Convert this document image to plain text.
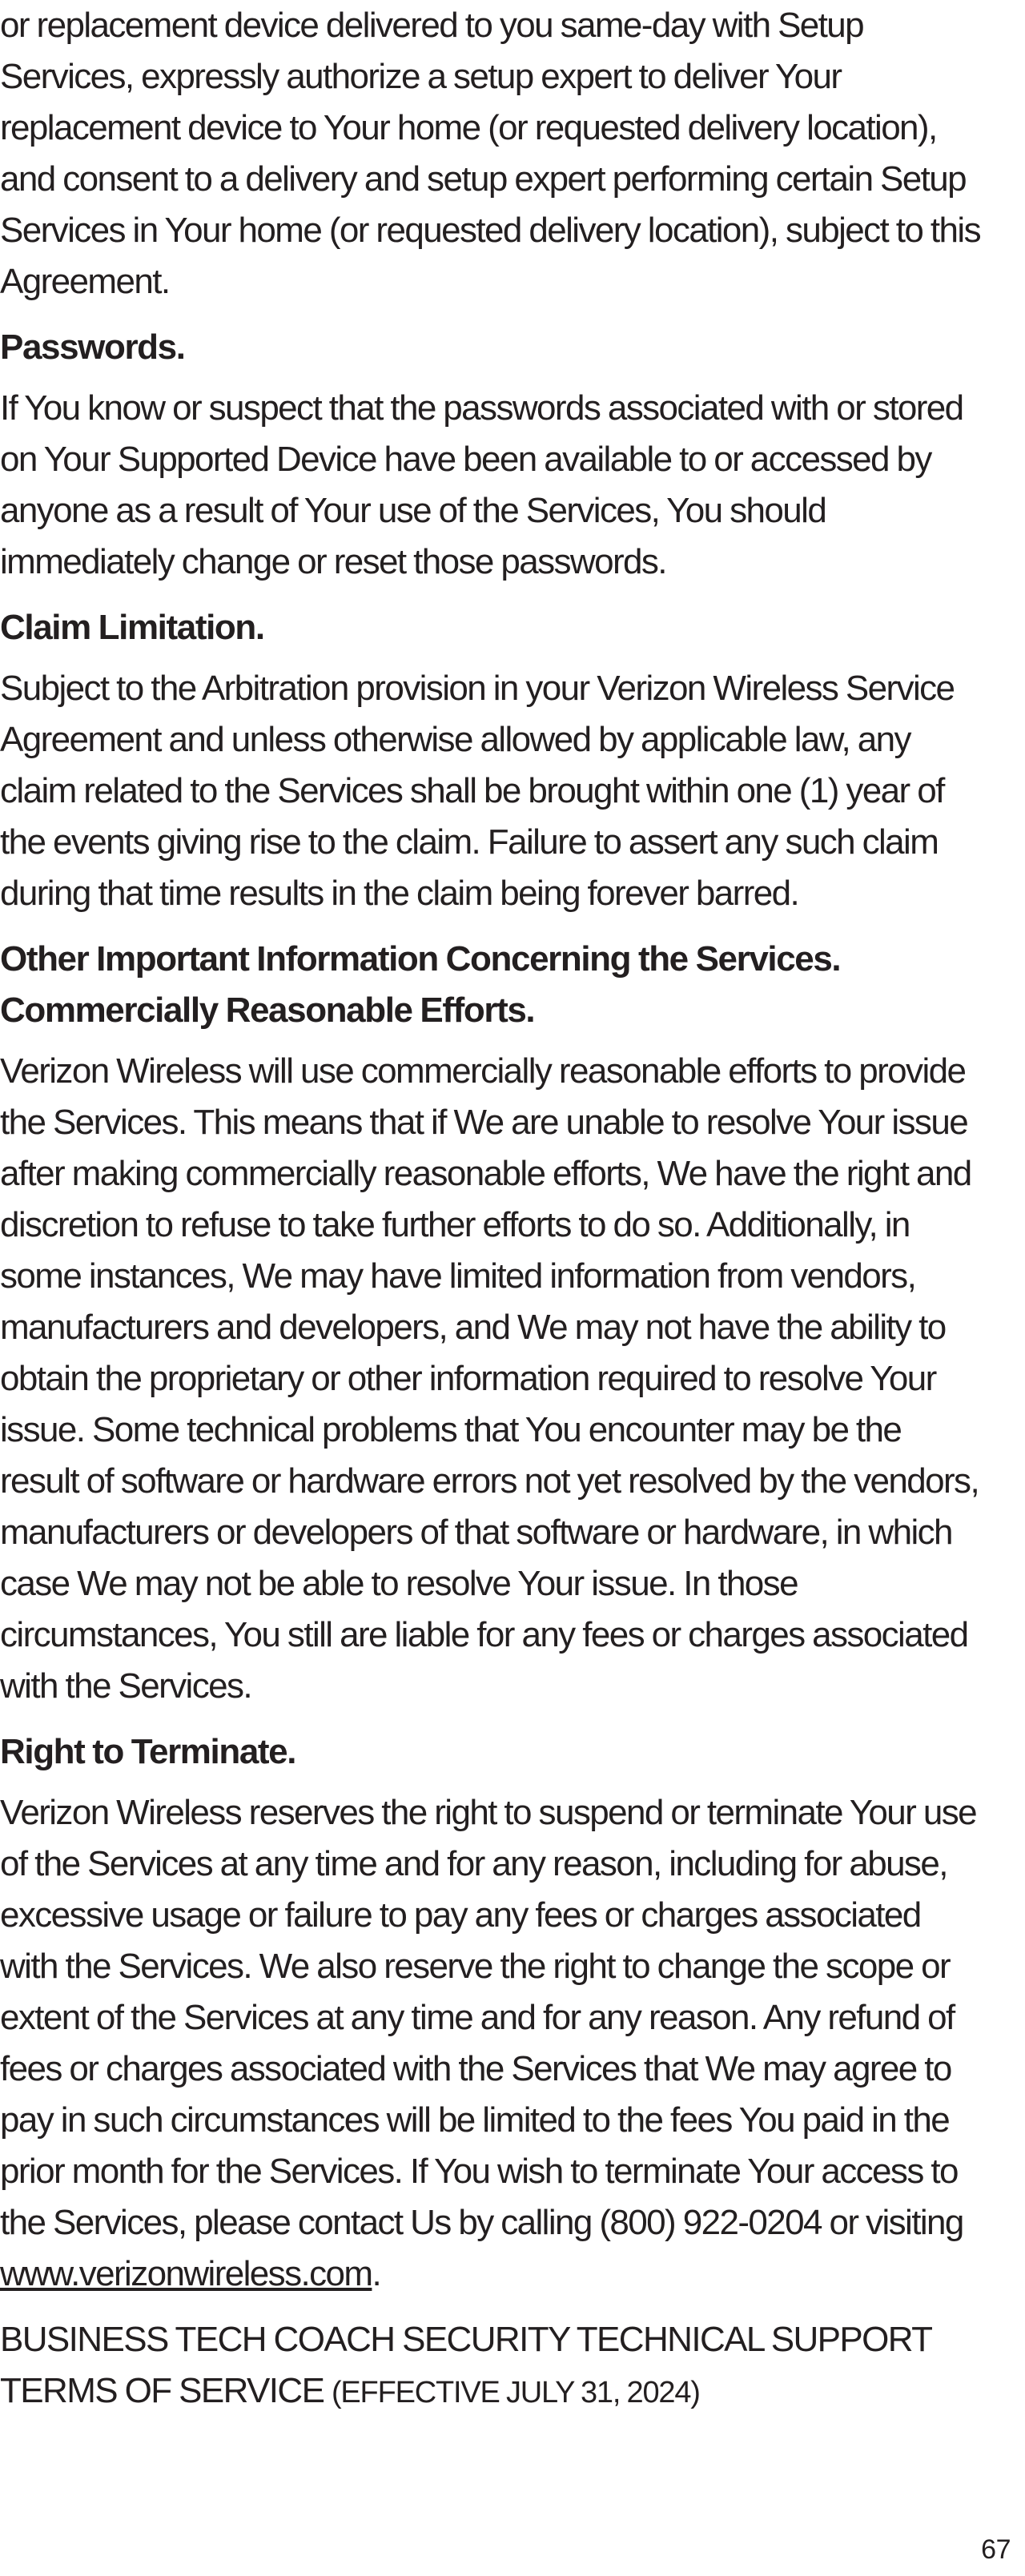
or replacement device delivered to you same-day with Setup Services, expressly authorize a setup expert to deliver Your replacement device to Your home (or requested delivery location), and consent to a delivery and setup expert performing certain Setup Services in Your home (or requested delivery location), subject to this Agreement.

Passwords.

If You know or suspect that the passwords associated with or stored on Your Supported Device have been available to or accessed by anyone as a result of Your use of the Services, You should immediately change or reset those passwords.

Claim Limitation.

Subject to the Arbitration provision in your Verizon Wireless Service Agreement and unless otherwise allowed by applicable law, any claim related to the Services shall be brought within one (1) year of the events giving rise to the claim. Failure to assert any such claim during that time results in the claim being forever barred.

Other Important Information Concerning the Services.

Commercially Reasonable Efforts.

Verizon Wireless will use commercially reasonable efforts to provide the Services. This means that if We are unable to resolve Your issue after making commercially reasonable efforts, We have the right and discretion to refuse to take further efforts to do so. Additionally, in some instances, We may have limited information from vendors, manufacturers and developers, and We may not have the ability to obtain the proprietary or other information required to resolve Your issue. Some technical problems that You encounter may be the result of software or hardware errors not yet resolved by the vendors, manufacturers or developers of that software or hardware, in which case We may not be able to resolve Your issue. In those circumstances, You still are liable for any fees or charges associated with the Services.

Right to Terminate.

Verizon Wireless reserves the right to suspend or terminate Your use of the Services at any time and for any reason, including for abuse, excessive usage or failure to pay any fees or charges associated with the Services. We also reserve the right to change the scope or extent of the Services at any time and for any reason. Any refund of fees or charges associated with the Services that We may agree to pay in such circumstances will be limited to the fees You paid in the prior month for the Services. If You wish to terminate Your access to the Services, please contact Us by calling (800) 922-0204 or visiting www.verizonwireless.com.

BUSINESS TECH COACH SECURITY TECHNICAL SUPPORT TERMS OF SERVICE (EFFECTIVE JULY 31, 2024)

67
